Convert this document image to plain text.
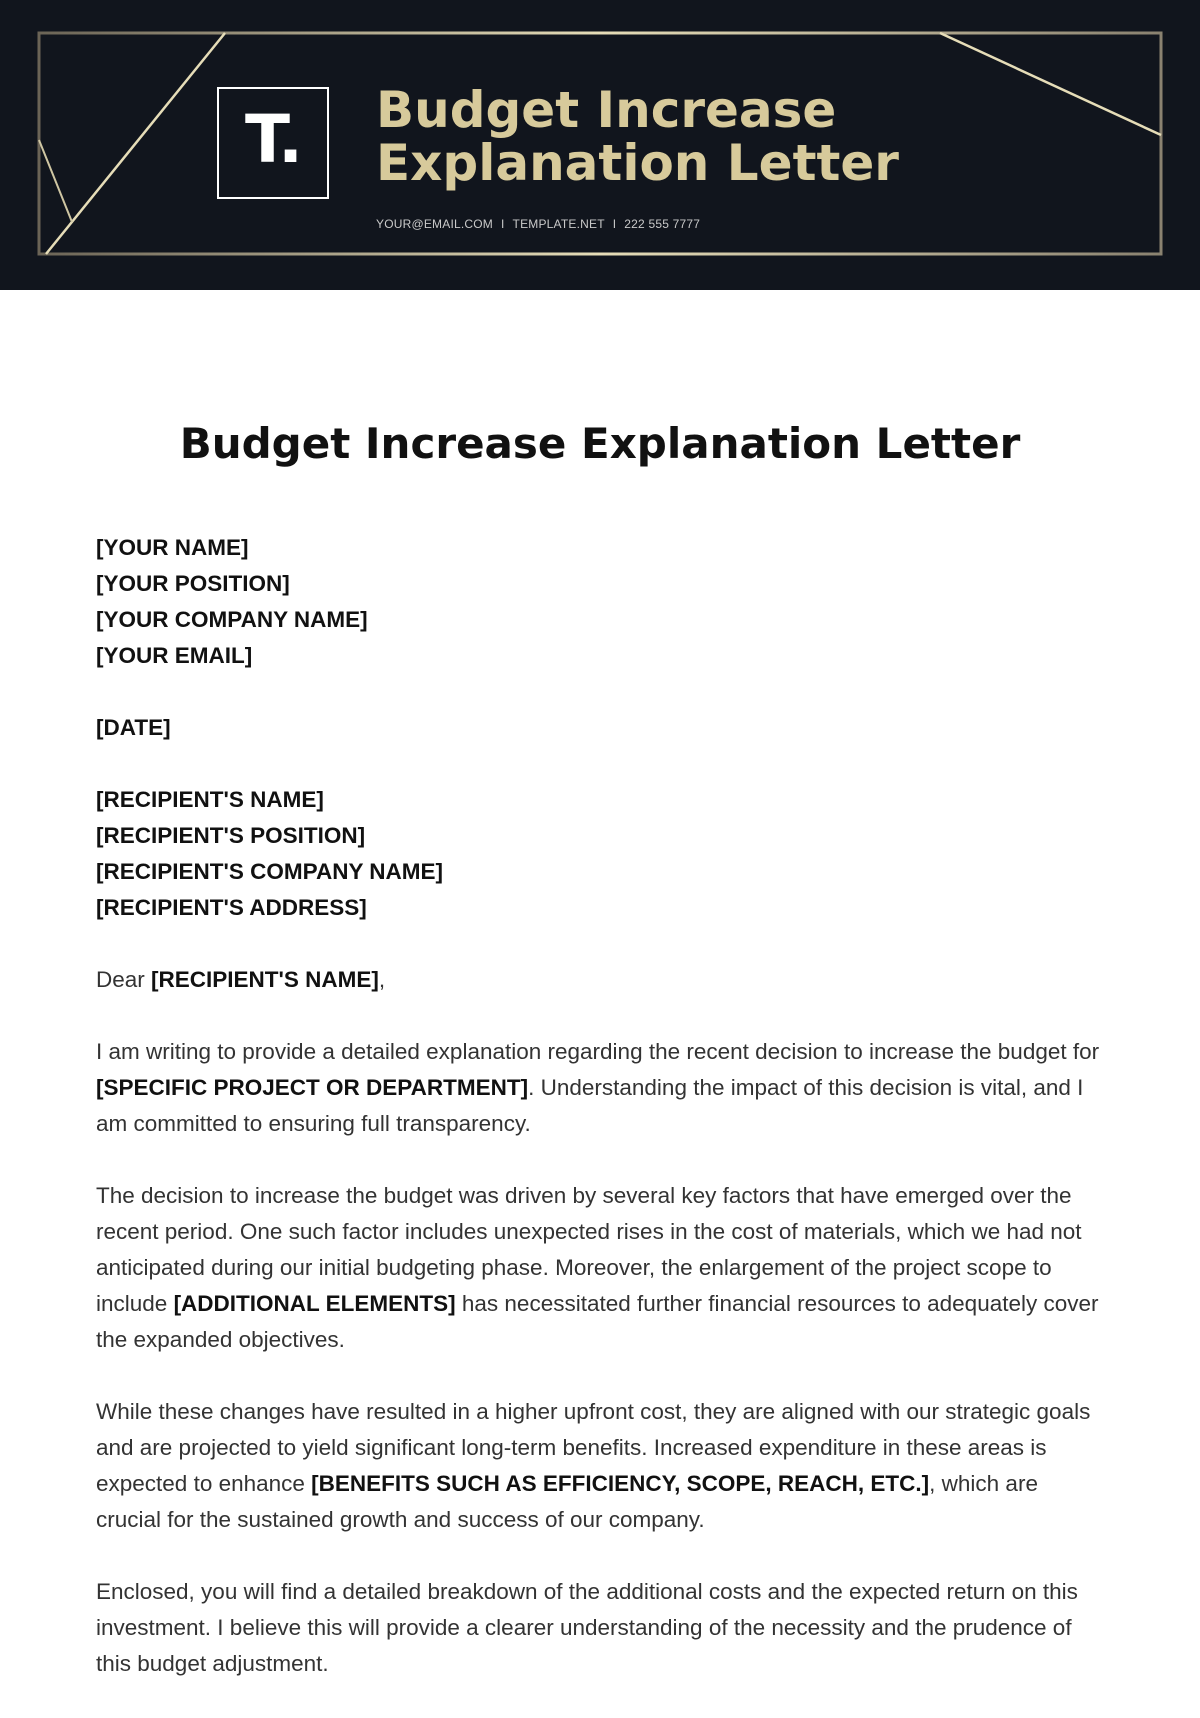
T. Budget Increase
Explanation Letter
YOUR@EMAIL.COM I TEMPLATE.NET I 222 555 7777
Budget Increase Explanation Letter
[YOUR NAME]
[YOUR POSITION]
[YOUR COMPANY NAME]
[YOUR EMAIL]
[DATE]
[RECIPIENT'S NAME]
[RECIPIENT'S POSITION]
[RECIPIENT'S COMPANY NAME]
[RECIPIENT'S ADDRESS]

Dear [RECIPIENT'S NAME],

I am writing to provide a detailed explanation regarding the recent decision to increase the budget for [SPECIFIC PROJECT OR DEPARTMENT]. Understanding the impact of this decision is vital, and I am committed to ensuring full transparency.

The decision to increase the budget was driven by several key factors that have emerged over the recent period. One such factor includes unexpected rises in the cost of materials, which we had not anticipated during our initial budgeting phase. Moreover, the enlargement of the project scope to include [ADDITIONAL ELEMENTS] has necessitated further financial resources to adequately cover the expanded objectives.

While these changes have resulted in a higher upfront cost, they are aligned with our strategic goals and are projected to yield significant long-term benefits. Increased expenditure in these areas is expected to enhance [BENEFITS SUCH AS EFFICIENCY, SCOPE, REACH, ETC.], which are crucial for the sustained growth and success of our company.

Enclosed, you will find a detailed breakdown of the additional costs and the expected return on this investment. I believe this will provide a clearer understanding of the necessity and the prudence of this budget adjustment.
